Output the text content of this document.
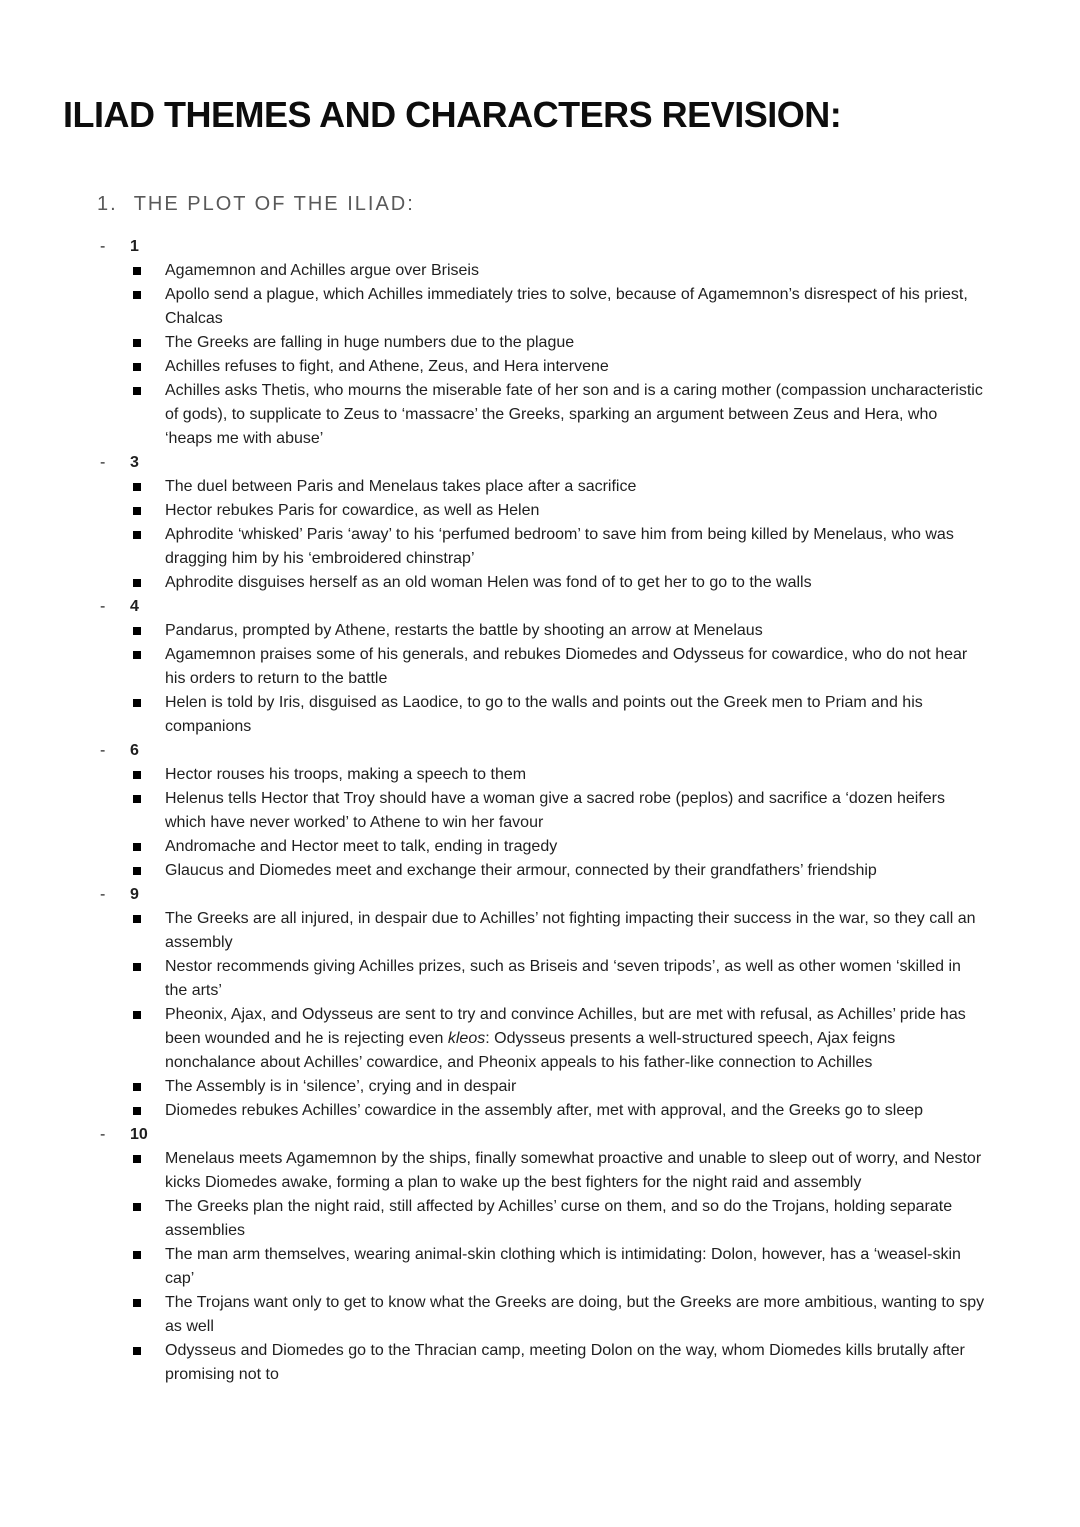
ILIAD THEMES AND CHARACTERS REVISION:
1. THE PLOT OF THE ILIAD:
- 1
Agamemnon and Achilles argue over Briseis
Apollo send a plague, which Achilles immediately tries to solve, because of Agamemnon’s disrespect of his priest, Chalcas
The Greeks are falling in huge numbers due to the plague
Achilles refuses to fight, and Athene, Zeus, and Hera intervene
Achilles asks Thetis, who mourns the miserable fate of her son and is a caring mother (compassion uncharacteristic of gods), to supplicate to Zeus to ‘massacre’ the Greeks, sparking an argument between Zeus and Hera, who ‘heaps me with abuse’
- 3
The duel between Paris and Menelaus takes place after a sacrifice
Hector rebukes Paris for cowardice, as well as Helen
Aphrodite ‘whisked’ Paris ‘away’ to his ‘perfumed bedroom’ to save him from being killed by Menelaus, who was dragging him by his ‘embroidered chinstrap’
Aphrodite disguises herself as an old woman Helen was fond of to get her to go to the walls
- 4
Pandarus, prompted by Athene, restarts the battle by shooting an arrow at Menelaus
Agamemnon praises some of his generals, and rebukes Diomedes and Odysseus for cowardice, who do not hear his orders to return to the battle
Helen is told by Iris, disguised as Laodice, to go to the walls and points out the Greek men to Priam and his companions
- 6
Hector rouses his troops, making a speech to them
Helenus tells Hector that Troy should have a woman give a sacred robe (peplos) and sacrifice a ‘dozen heifers which have never worked’ to Athene to win her favour
Andromache and Hector meet to talk, ending in tragedy
Glaucus and Diomedes meet and exchange their armour, connected by their grandfathers’ friendship
- 9
The Greeks are all injured, in despair due to Achilles’ not fighting impacting their success in the war, so they call an assembly
Nestor recommends giving Achilles prizes, such as Briseis and ‘seven tripods’, as well as other women ‘skilled in the arts’
Pheonix, Ajax, and Odysseus are sent to try and convince Achilles, but are met with refusal, as Achilles’ pride has been wounded and he is rejecting even kleos: Odysseus presents a well-structured speech, Ajax feigns nonchalance about Achilles’ cowardice, and Pheonix appeals to his father-like connection to Achilles
The Assembly is in ‘silence’, crying and in despair
Diomedes rebukes Achilles’ cowardice in the assembly after, met with approval, and the Greeks go to sleep
- 10
Menelaus meets Agamemnon by the ships, finally somewhat proactive and unable to sleep out of worry, and Nestor kicks Diomedes awake, forming a plan to wake up the best fighters for the night raid and assembly
The Greeks plan the night raid, still affected by Achilles’ curse on them, and so do the Trojans, holding separate assemblies
The man arm themselves, wearing animal-skin clothing which is intimidating: Dolon, however, has a ‘weasel-skin cap’
The Trojans want only to get to know what the Greeks are doing, but the Greeks are more ambitious, wanting to spy as well
Odysseus and Diomedes go to the Thracian camp, meeting Dolon on the way, whom Diomedes kills brutally after promising not to
